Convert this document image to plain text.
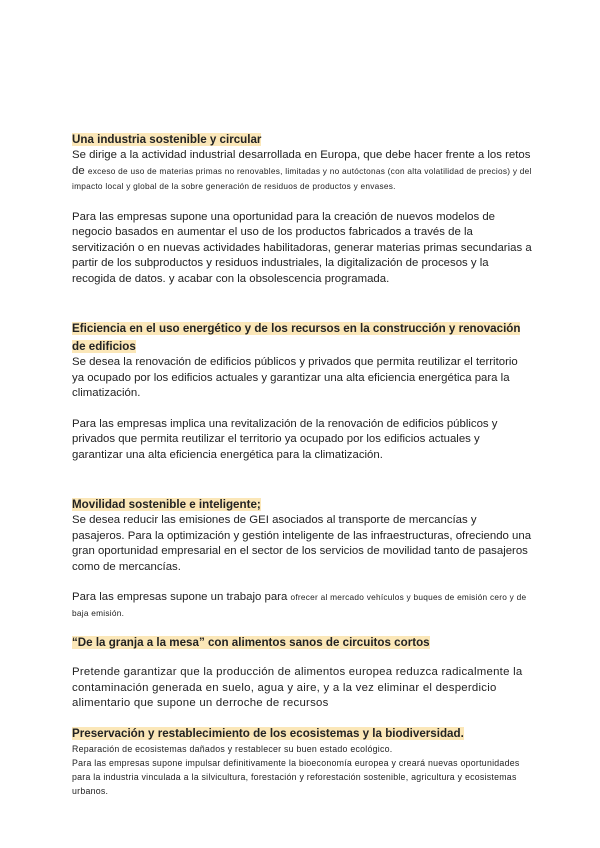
Una industria sostenible y circular

Se dirige a la actividad industrial desarrollada en Europa, que debe hacer frente a los retos de exceso de uso de materias primas no renovables, limitadas y no autóctonas (con alta volatilidad de precios) y del impacto local y global de la sobre generación de residuos de productos y envases.

Para las empresas supone una oportunidad para la creación de nuevos modelos de negocio basados en aumentar el uso de los productos fabricados a través de la servitización o en nuevas actividades habilitadoras, generar materias primas secundarias a partir de los subproductos y residuos industriales, la digitalización de procesos y la recogida de datos. y acabar con la obsolescencia programada.

Eficiencia en el uso energético y de los recursos en la construcción y renovación de edificios

Se desea la renovación de edificios públicos y privados que permita reutilizar el territorio ya ocupado por los edificios actuales y garantizar una alta eficiencia energética para la climatización.

Para las empresas implica una revitalización de la renovación de edificios públicos y privados que permita reutilizar el territorio ya ocupado por los edificios actuales y garantizar una alta eficiencia energética para la climatización.

Movilidad sostenible e inteligente;

Se desea reducir las emisiones de GEI asociados al transporte de mercancías y pasajeros. Para la optimización y gestión inteligente de las infraestructuras, ofreciendo una gran oportunidad empresarial en el sector de los servicios de movilidad tanto de pasajeros como de mercancías.

Para las empresas supone un trabajo para ofrecer al mercado vehículos y buques de emisión cero y de baja emisión.

“De la granja a la mesa” con alimentos sanos de circuitos cortos

Pretende garantizar que la producción de alimentos europea reduzca radicalmente la contaminación generada en suelo, agua y aire, y a la vez eliminar el desperdicio alimentario que supone un derroche de recursos

Preservación y restablecimiento de los ecosistemas y la biodiversidad.

Reparación de ecosistemas dañados y restablecer su buen estado ecológico.

Para las empresas supone impulsar definitivamente la bioeconomía europea y creará nuevas oportunidades para la industria vinculada a la silvicultura, forestación y reforestación sostenible, agricultura y ecosistemas urbanos.
